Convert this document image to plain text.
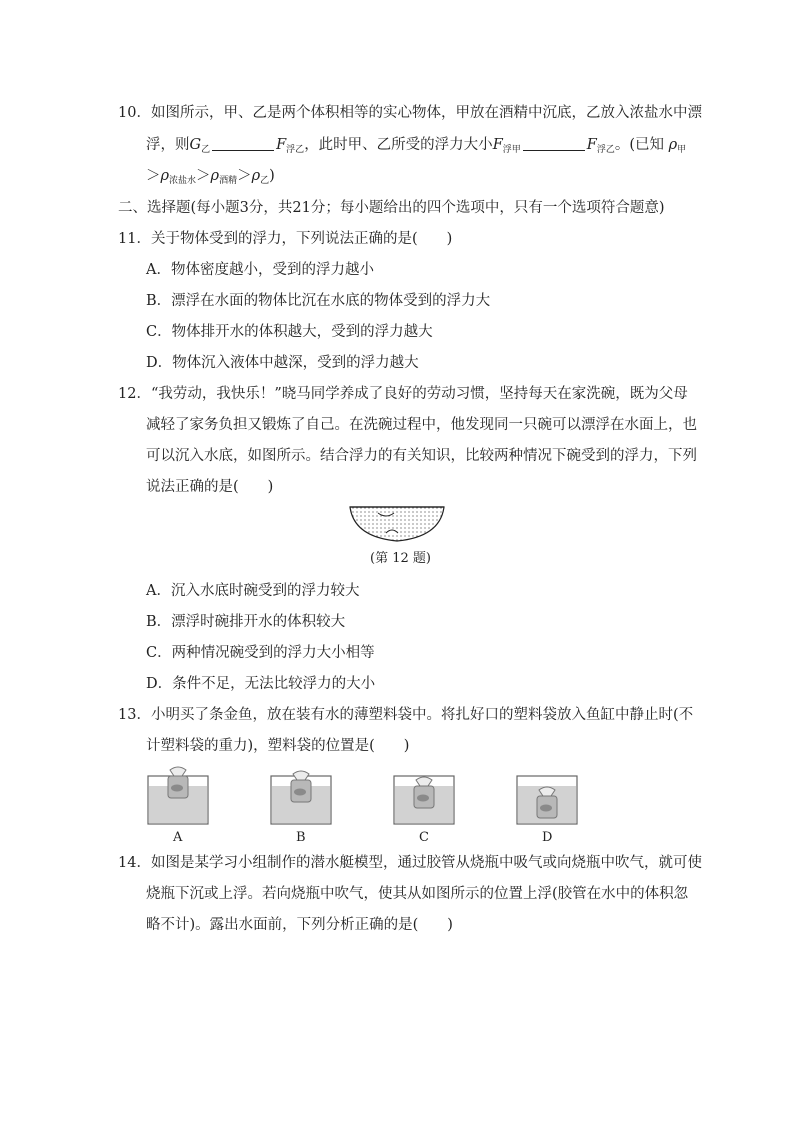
10．如图所示，甲、乙是两个体积相等的实心物体，甲放在酒精中沉底，乙放入浓盐水中漂
浮，则$G_乙$	$F_{浮乙}$，此时甲、乙所受的浮力大小$F_{浮甲}$	$F_{浮乙}$。(已知 $\rho_甲$
$>\rho_{浓盐水}>\rho_{酒精}>\rho_乙$)
二、选择题(每小题3分，共21分；每小题给出的四个选项中，只有一个选项符合题意)
11．关于物体受到的浮力，下列说法正确的是(　　)
A．物体密度越小，受到的浮力越小
B．漂浮在水面的物体比沉在水底的物体受到的浮力大
C．物体排开水的体积越大，受到的浮力越大
D．物体沉入液体中越深，受到的浮力越大
12．“我劳动，我快乐！”晓马同学养成了良好的劳动习惯，坚持每天在家洗碗，既为父母
减轻了家务负担又锻炼了自己。在洗碗过程中，他发现同一只碗可以漂浮在水面上，也
可以沉入水底，如图所示。结合浮力的有关知识，比较两种情况下碗受到的浮力，下列
说法正确的是(　　)
(第 12 题)
A．沉入水底时碗受到的浮力较大
B．漂浮时碗排开水的体积较大
C．两种情况碗受到的浮力大小相等
D．条件不足，无法比较浮力的大小
13．小明买了条金鱼，放在装有水的薄塑料袋中。将扎好口的塑料袋放入鱼缸中静止时(不
计塑料袋的重力)，塑料袋的位置是(　　)
A	B	C	D
14．如图是某学习小组制作的潜水艇模型，通过胶管从烧瓶中吸气或向烧瓶中吹气，就可使
烧瓶下沉或上浮。若向烧瓶中吹气，使其从如图所示的位置上浮(胶管在水中的体积忽
略不计)。露出水面前，下列分析正确的是(　　)
